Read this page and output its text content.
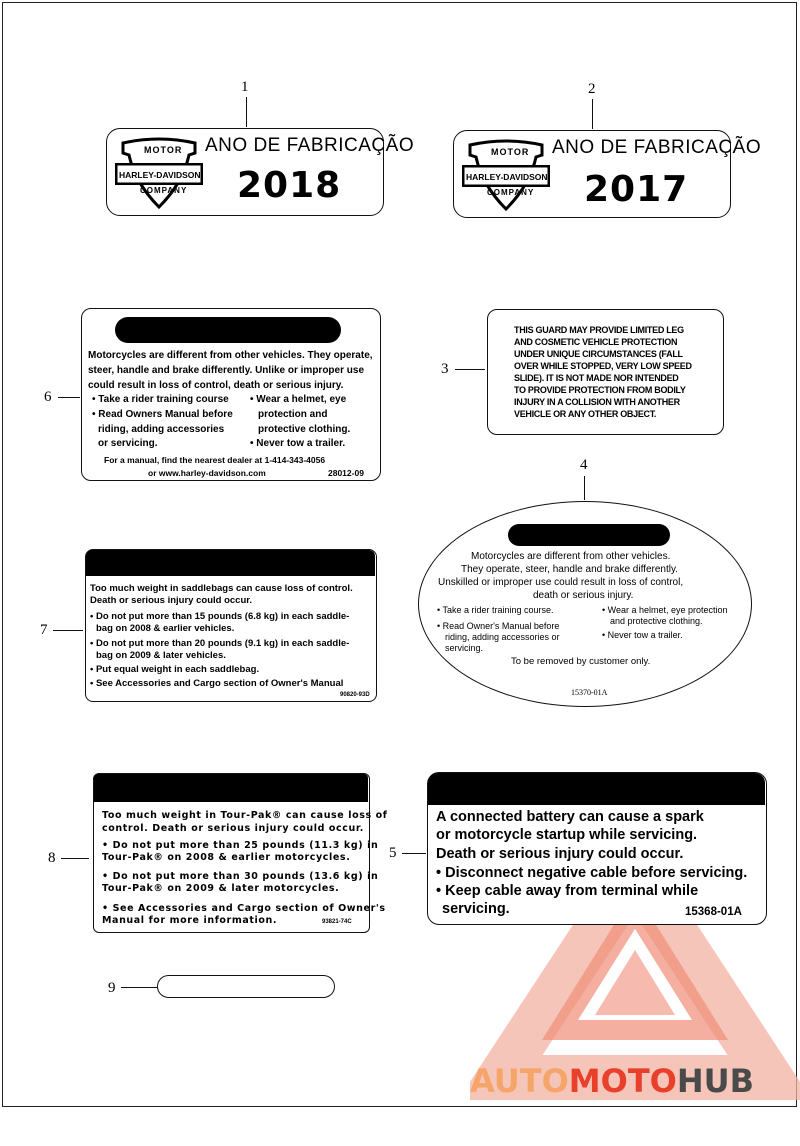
AUTOMOTOHUB
1	2
MOTOR
HARLEY-DAVIDSON
COMPANY
ANO DE FABRICAÇÃO
2018
MOTOR
HARLEY-DAVIDSON
COMPANY
ANO DE FABRICAÇÃO
2017
6
Motorcycles are different from other vehicles. They operate,
steer, handle and brake differently. Unlike or improper use
could result in loss of control, death or serious injury.
• Take a rider training course
• Read Owners Manual before
riding, adding accessories
or servicing.
• Wear a helmet, eye
protection and
protective clothing.
• Never tow a trailer.
For a manual, find the nearest dealer at 1-414-343-4056
or www.harley-davidson.com	28012-09
3
THIS GUARD MAY PROVIDE LIMITED LEG
AND COSMETIC VEHICLE PROTECTION
UNDER UNIQUE CIRCUMSTANCES (FALL
OVER WHILE STOPPED, VERY LOW SPEED
SLIDE). IT IS NOT MADE NOR INTENDED
TO PROVIDE PROTECTION FROM BODILY
INJURY IN A COLLISION WITH ANOTHER
VEHICLE OR ANY OTHER OBJECT.
4
Motorcycles are different from other vehicles.
They operate, steer, handle and brake differently.
Unskilled or improper use could result in loss of control,
death or serious injury.
• Take a rider training course.
• Read Owner's Manual before
riding, adding accessories or
servicing.
• Wear a helmet, eye protection
and protective clothing.
• Never tow a trailer.
To be removed by customer only.
15370-01A
7
Too much weight in saddlebags can cause loss of control.
Death or serious injury could occur.
• Do not put more than 15 pounds (6.8 kg) in each saddle-
bag on 2008 & earlier vehicles.
• Do not put more than 20 pounds (9.1 kg) in each saddle-
bag on 2009 & later vehicles.
• Put equal weight in each saddlebag.
• See Accessories and Cargo section of Owner's Manual
90820-93D
8
Too much weight in Tour-Pak® can cause loss of
control. Death or serious injury could occur.
• Do not put more than 25 pounds (11.3 kg) in
Tour-Pak® on 2008 & earlier motorcycles.
• Do not put more than 30 pounds (13.6 kg) in
Tour-Pak® on 2009 & later motorcycles.
• See Accessories and Cargo section of Owner's
Manual for more information.	93821-74C
5
A connected battery can cause a spark
or motorcycle startup while servicing.
Death or serious injury could occur.
• Disconnect negative cable before servicing.
• Keep cable away from terminal while
servicing.	15368-01A
9
